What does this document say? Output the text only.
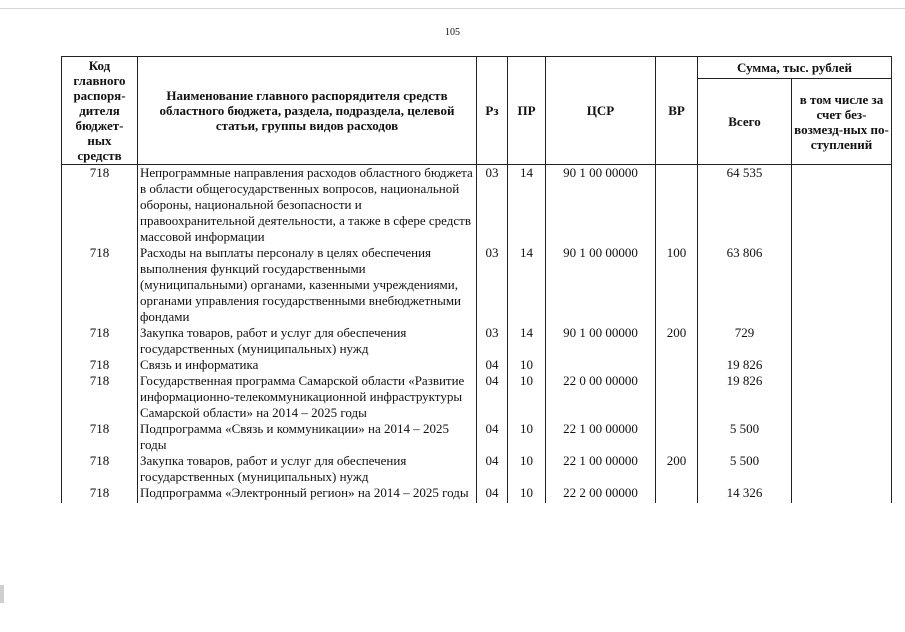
105
Код главного распоря-дителя бюджет-ных средств	Наименование главного распорядителя средств областного бюджета, раздела, подраздела, целевой статьи, группы видов расходов	Рз	ПР	ЦСР	ВР	Сумма, тыс. рублей	
						Всего	в том числе за счет без-возмезд-ных по-ступлений
718	Непрограммные направления расходов областного бюджета в области общегосударственных вопросов, национальной обороны, национальной безопасности и правоохранительной деятельности, а также в сфере средств массовой информации	03	14	90 1 00 00000		64 535	
718	Расходы на выплаты персоналу в целях обеспечения выполнения функций государственными (муниципальными) органами, казенными учреждениями, органами управления государственными внебюджетными фондами	03	14	90 1 00 00000	100	63 806	
718	Закупка товаров, работ и услуг для обеспечения государственных (муниципальных) нужд	03	14	90 1 00 00000	200	729	
718	Связь и информатика	04	10			19 826	
718	Государственная программа Самарской области «Развитие информационно-телекоммуникационной инфраструктуры Самарской области» на 2014 – 2025 годы	04	10	22 0 00 00000		19 826	
718	Подпрограмма «Связь и коммуникации» на 2014 – 2025 годы	04	10	22 1 00 00000		5 500	
718	Закупка товаров, работ и услуг для обеспечения государственных (муниципальных) нужд	04	10	22 1 00 00000	200	5 500	
718	Подпрограмма «Электронный регион» на 2014 – 2025 годы	04	10	22 2 00 00000		14 326	
